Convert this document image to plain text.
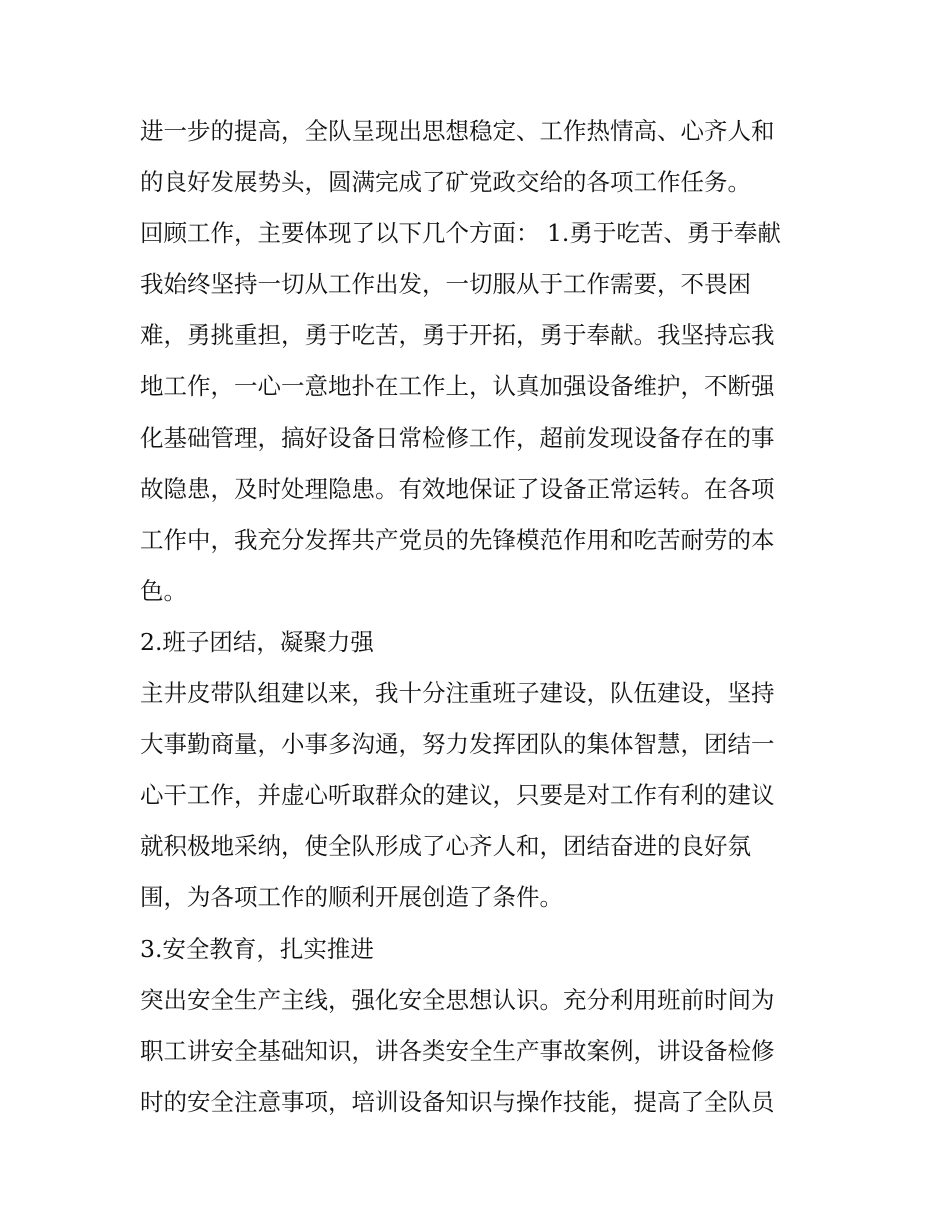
进一步的提高，全队呈现出思想稳定、工作热情高、心齐人和
的良好发展势头，圆满完成了矿党政交给的各项工作任务。
回顾工作，主要体现了以下几个方面： 1.勇于吃苦、勇于奉献
我始终坚持一切从工作出发，一切服从于工作需要，不畏困
难，勇挑重担，勇于吃苦，勇于开拓，勇于奉献。我坚持忘我
地工作，一心一意地扑在工作上，认真加强设备维护，不断强
化基础管理，搞好设备日常检修工作，超前发现设备存在的事
故隐患，及时处理隐患。有效地保证了设备正常运转。在各项
工作中，我充分发挥共产党员的先锋模范作用和吃苦耐劳的本
色。
2.班子团结，凝聚力强
主井皮带队组建以来，我十分注重班子建设，队伍建设，坚持
大事勤商量，小事多沟通，努力发挥团队的集体智慧，团结一
心干工作，并虚心听取群众的建议，只要是对工作有利的建议
就积极地采纳，使全队形成了心齐人和，团结奋进的良好氛
围，为各项工作的顺利开展创造了条件。
3.安全教育，扎实推进
突出安全生产主线，强化安全思想认识。充分利用班前时间为
职工讲安全基础知识，讲各类安全生产事故案例，讲设备检修
时的安全注意事项，培训设备知识与操作技能，提高了全队员
